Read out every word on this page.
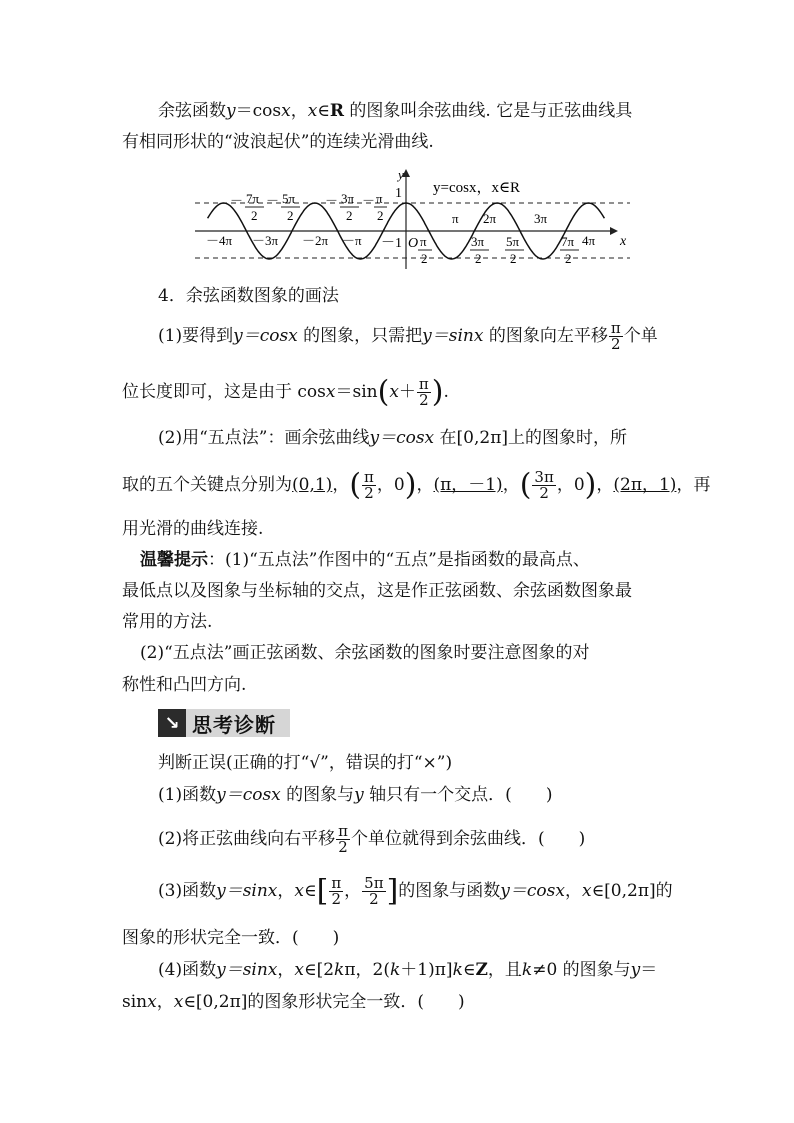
余弦函数y＝cosx，x∈R 的图象叫余弦曲线. 它是与正弦曲线具
有相同形状的“波浪起伏”的连续光滑曲线.
y
x
1
O
－1
y=cosx，x∈R
－ 7π
2
－ 5π
2
－ 3π
2
－ π
2	π 2π	3π
－4π －3π －2π －π	π
2
3π
2
5π
2
7π
2
4π
4．余弦函数图象的画法
(1)要得到y＝cosx 的图象，只需把y＝sinx 的图象向左平移 $\frac{\pi}{2}$ 个单
位长度即可，这是由于 $\cos x=\sin(x+ \frac{\pi}{2}$ ).
(2)用“五点法”：画余弦曲线y＝cosx 在[0,2π]上的图象时，所
取的五个关键点分别为(0,1)，( $\frac{\pi}{2}$ ，0)，(π，－1)，( $\frac{3\pi}{2}$ ，0)，(2π，1)，再
用光滑的曲线连接.
温馨提示：(1)“五点法”作图中的“五点”是指函数的最高点、
最低点以及图象与坐标轴的交点，这是作正弦函数、余弦函数图象最
常用的方法.
(2)“五点法”画正弦函数、余弦函数的图象时要注意图象的对
称性和凸凹方向.
↘ 思考诊断
判断正误(正确的打“√”，错误的打“×”)
(1)函数y＝cosx 的图象与y 轴只有一个交点．(　　)
(2)将正弦曲线向右平移 $\frac{\pi}{2}$ 个单位就得到余弦曲线．(　　)
(3)函数y＝sinx，x∈[ $\frac{\pi}{2}$ ， $\frac{5\pi}{2}$ ]的图象与函数y＝cosx，x∈[0,2π]的
图象的形状完全一致．(　　)
(4)函数y＝sinx，x∈[2kπ，2(k＋1)π]k∈Z，且k≠0 的图象与y＝
sinx，x∈[0,2π]的图象形状完全一致．(　　)
